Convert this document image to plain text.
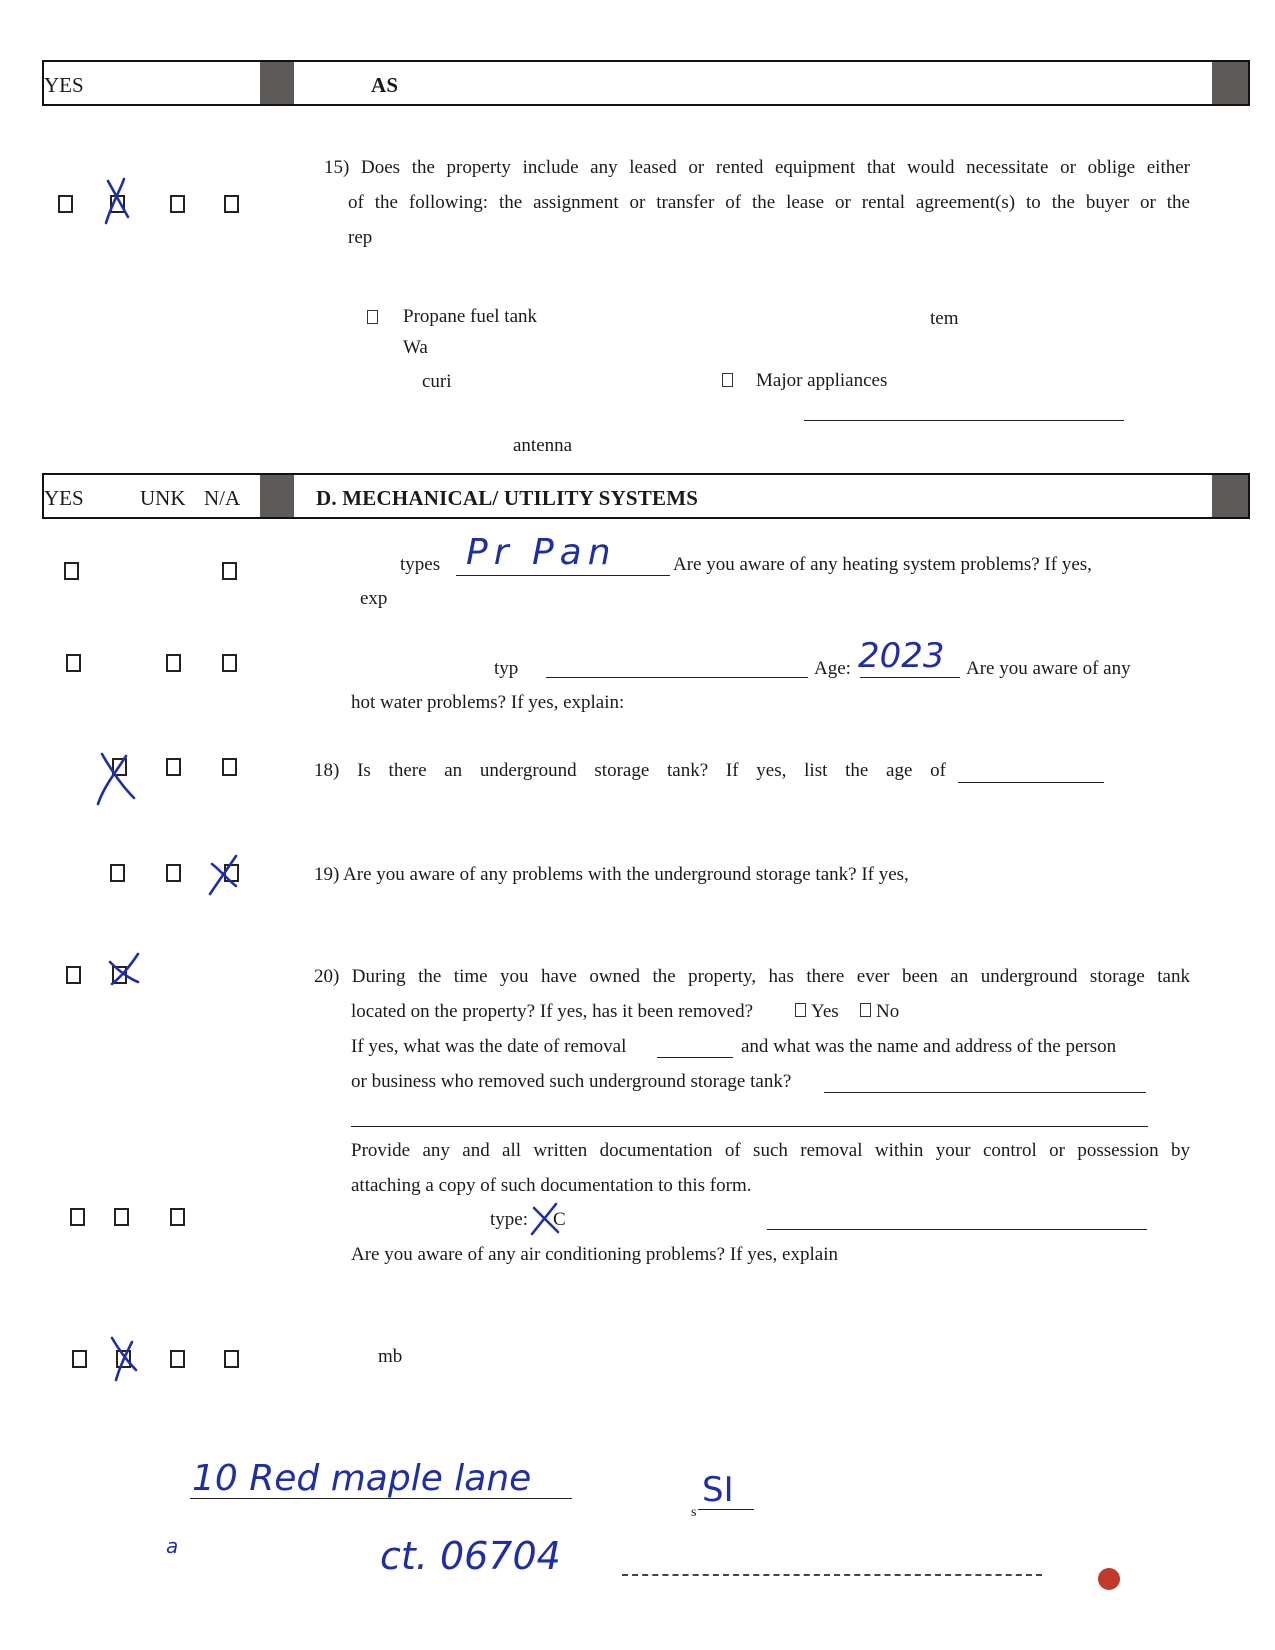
YES	AS
15) Does the property include any leased or rented equipment that would necessitate or oblige either
of the following: the assignment or transfer of the lease or rental agreement(s) to the buyer or the
rep
Propane fuel tank	tem
Wa
curi	Major appliances
antenna
YES	UNK N/A	D. MECHANICAL/ UTILITY SYSTEMS
types Pr Pan	Are you aware of any heating system problems? If yes,
exp
typ	Age: 2023 Are you aware of any
hot water problems? If yes, explain:
18) Is there an underground storage tank? If yes, list the age of
19) Are you aware of any problems with the underground storage tank? If yes,
20) During the time you have owned the property, has there ever been an underground storage tank
located on the property? If yes, has it been removed?	Yes No
If yes, what was the date of removal	and what was the name and address of the person
or business who removed such underground storage tank?
Provide any and all written documentation of such removal within your control or possession by
attaching a copy of such documentation to this form.
type: C
Are you aware of any air conditioning problems? If yes, explain
mb
10 Red maple lane
ct. 06704
a
s
SI
